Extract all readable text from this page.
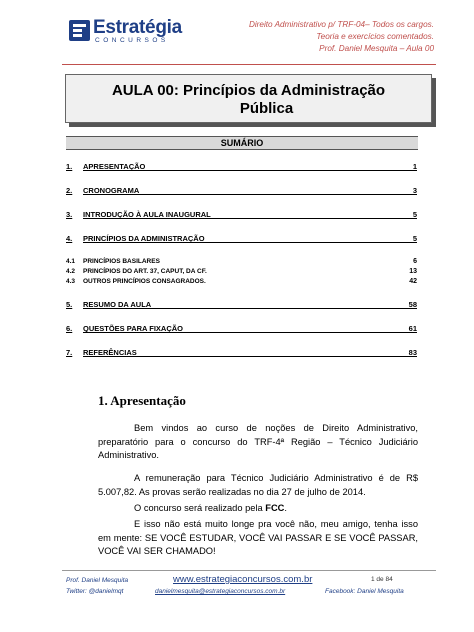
Estratégia
CONCURSOS
Direito Administrativo p/ TRF-04– Todos os cargos.
Teoria e exercícios comentados.
Prof. Daniel Mesquita – Aula 00
AULA 00: Princípios da Administração
Pública
SUMÁRIO
1. APRESENTAÇÃO	1
2. CRONOGRAMA	3
3. INTRODUÇÃO À AULA INAUGURAL	5
4. PRINCÍPIOS DA ADMINISTRAÇÃO	5
4.1 PRINCÍPIOS BASILARES	6
4.2 PRINCÍPIOS DO ART. 37, CAPUT, DA CF.	13
4.3 OUTROS PRINCÍPIOS CONSAGRADOS.	42
5. RESUMO DA AULA	58
6. QUESTÕES PARA FIXAÇÃO	61
7. REFERÊNCIAS	83
1. Apresentação
Bem vindos ao curso de noções de Direito Administrativo, preparatório para o concurso do TRF-4ª Região – Técnico Judiciário Administrativo.
A remuneração para Técnico Judiciário Administrativo é de R$ 5.007,82. As provas serão realizadas no dia 27 de julho de 2014.
O concurso será realizado pela FCC.
E isso não está muito longe pra você não, meu amigo, tenha isso em mente: SE VOCÊ ESTUDAR, VOCÊ VAI PASSAR E SE VOCÊ PASSAR, VOCÊ VAI SER CHAMADO!
Prof. Daniel Mesquita	www.estrategiaconcursos.com.br	1 de 84
Twitter: @danielmqt	danielmesquita@estrategiaconcursos.com.br	Facebook: Daniel Mesquita
